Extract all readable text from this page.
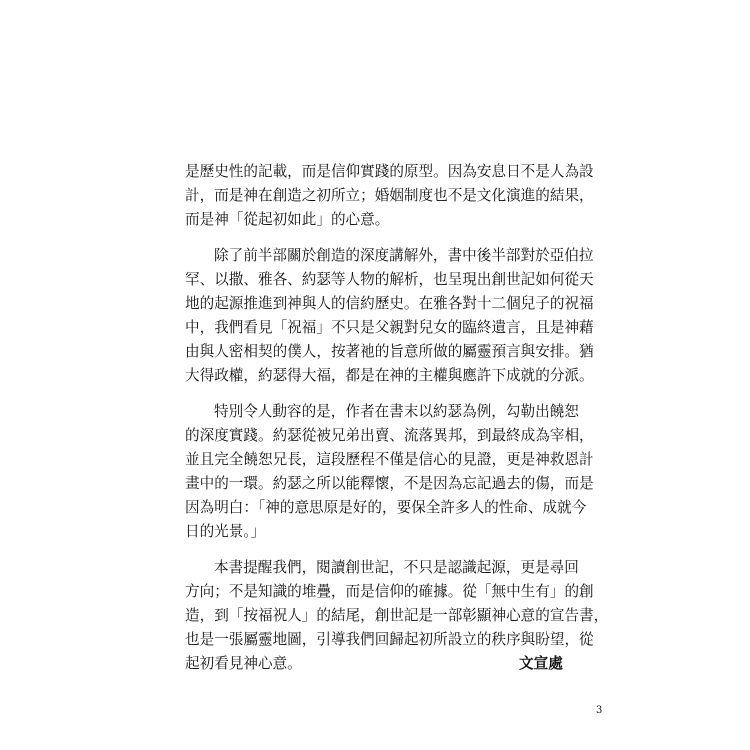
是歷史性的記載，而是信仰實踐的原型。因為安息日不是人為設
計，而是神在創造之初所立；婚姻制度也不是文化演進的結果，
而是神「從起初如此」的心意。
除了前半部關於創造的深度講解外，書中後半部對於亞伯拉
罕、以撒、雅各、約瑟等人物的解析，也呈現出創世記如何從天
地的起源推進到神與人的信約歷史。在雅各對十二個兒子的祝福
中，我們看見「祝福」不只是父親對兒女的臨終遺言，且是神藉
由與人密相契的僕人，按著祂的旨意所做的屬靈預言與安排。猶
大得政權，約瑟得大福，都是在神的主權與應許下成就的分派。
特別令人動容的是，作者在書末以約瑟為例，勾勒出饒恕
的深度實踐。約瑟從被兄弟出賣、流落異邦，到最終成為宰相，
並且完全饒恕兄長，這段歷程不僅是信心的見證，更是神救恩計
畫中的一環。約瑟之所以能釋懷，不是因為忘記過去的傷，而是
因為明白：「神的意思原是好的，要保全許多人的性命、成就今
日的光景。」
本書提醒我們，閱讀創世記，不只是認識起源，更是尋回
方向；不是知識的堆疊，而是信仰的確據。從「無中生有」的創
造，到「按福祝人」的結尾，創世記是一部彰顯神心意的宣告書，
也是一張屬靈地圖，引導我們回歸起初所設立的秩序與盼望，從
起初看見神心意。	文宣處
3
